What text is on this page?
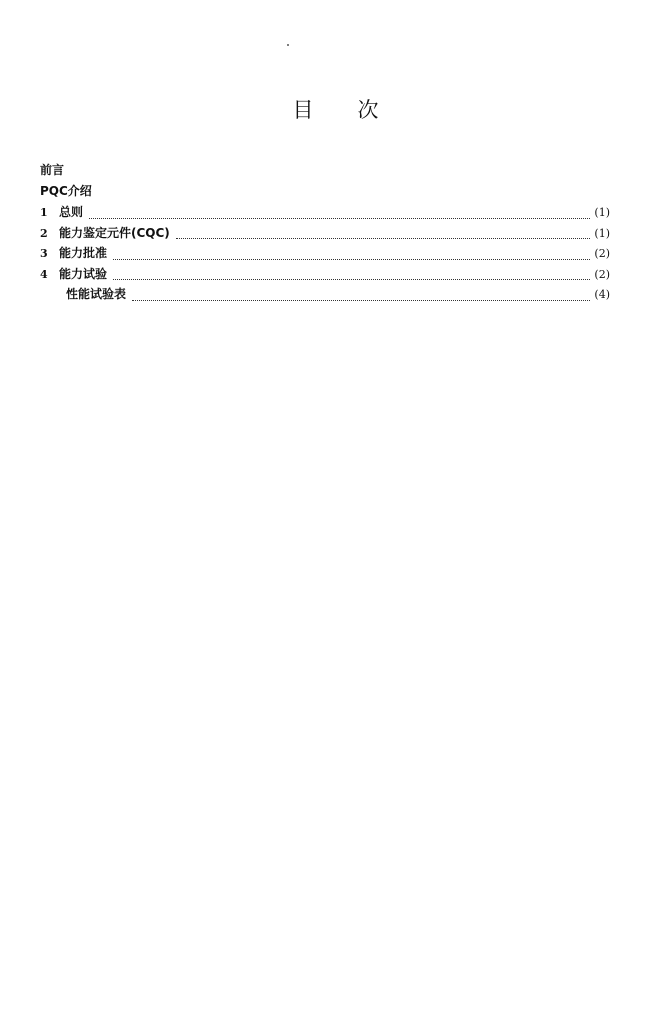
目次
前言
PQC介绍
1 总则	(1)
2 能力鉴定元件(CQC)	(1)
3 能力批准	(2)
4 能力试验	(2)
性能试验表	(4)
